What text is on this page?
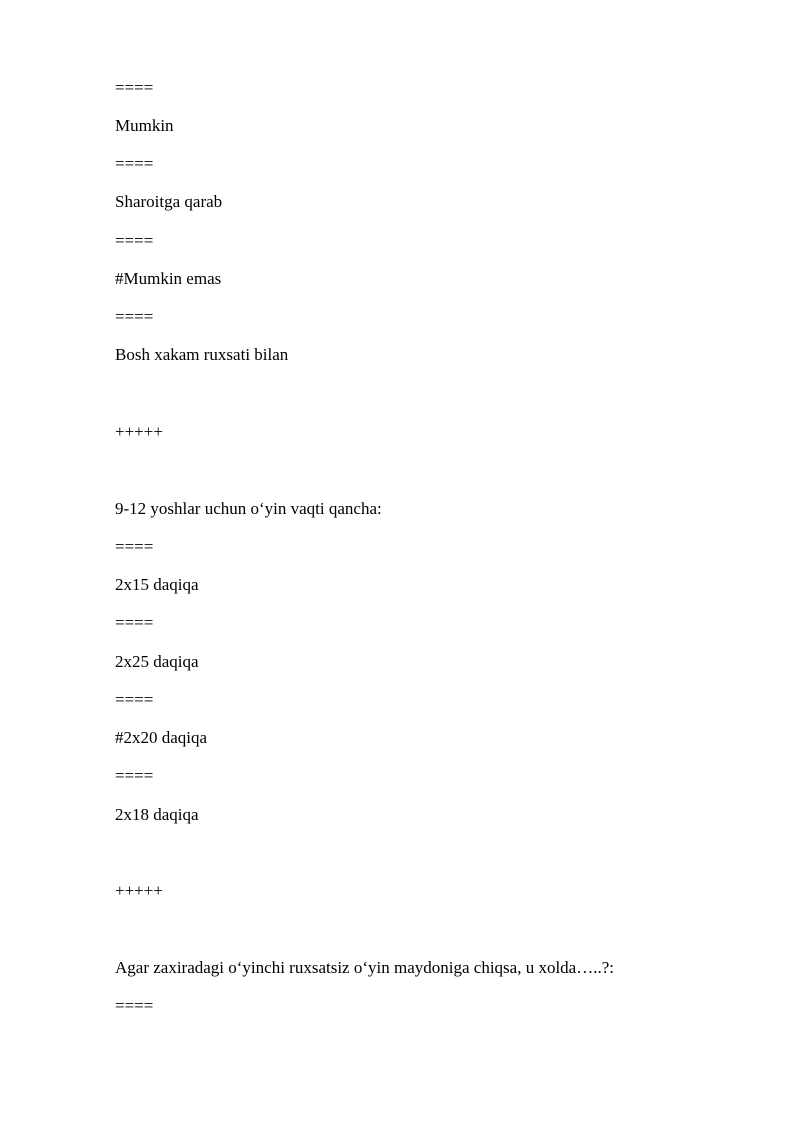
====
Mumkin
====
Sharoitga qarab
====
#Mumkin emas
====
Bosh xakam ruxsati bilan
+++++
9-12 yoshlar uchun o‘yin vaqti qancha:
====
2x15 daqiqa
====
2x25 daqiqa
====
#2x20 daqiqa
====
2x18 daqiqa
+++++
Agar zaxiradagi o‘yinchi ruxsatsiz o‘yin maydoniga chiqsa, u xolda…..?:
====
